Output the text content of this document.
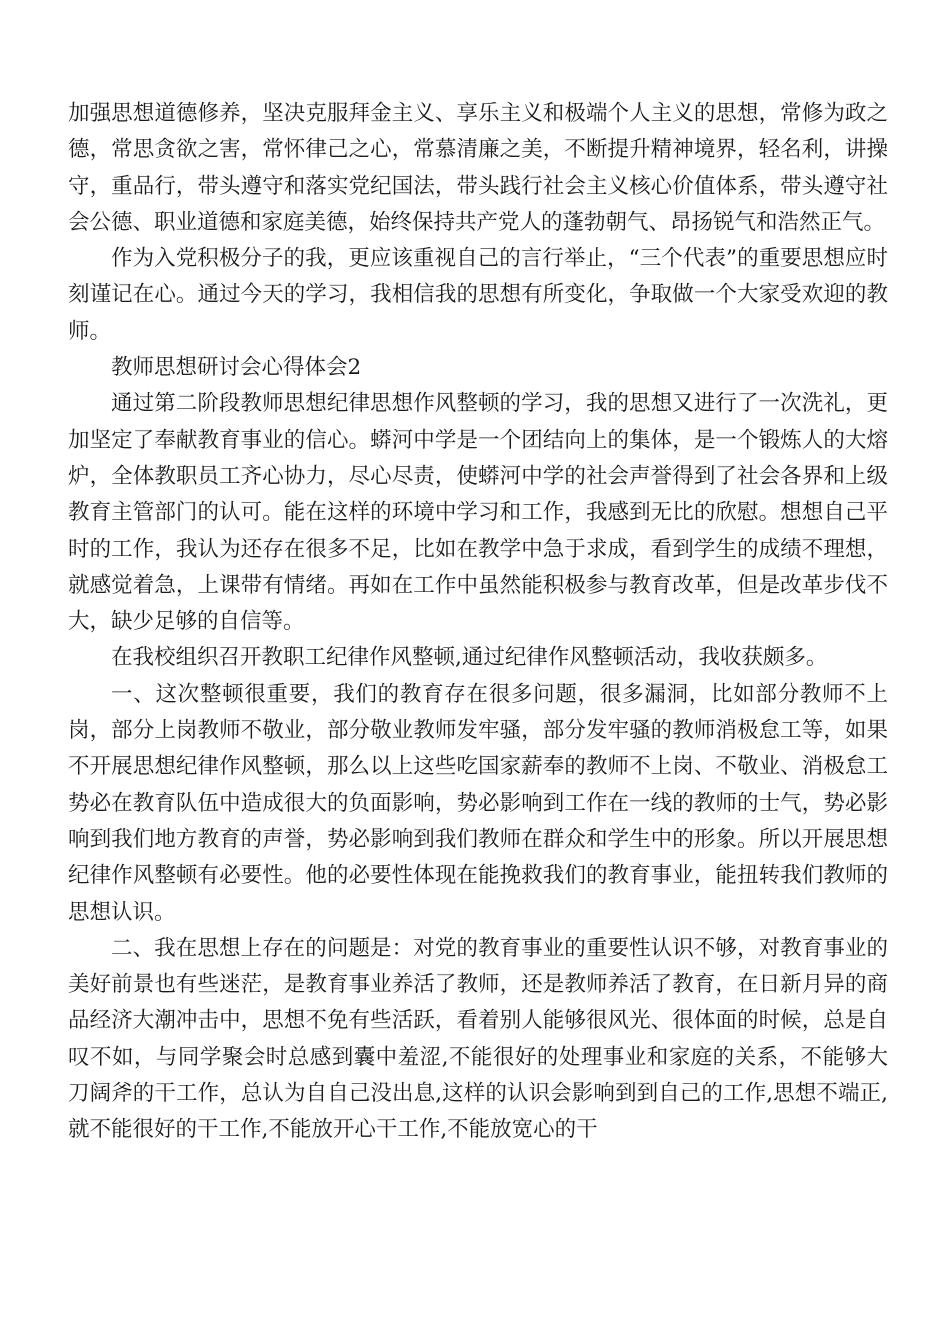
加强思想道德修养，坚决克服拜金主义、享乐主义和极端个人主义的思想，常修为政之德，常思贪欲之害，常怀律己之心，常慕清廉之美，不断提升精神境界，轻名利，讲操守，重品行，带头遵守和落实党纪国法，带头践行社会主义核心价值体系，带头遵守社会公德、职业道德和家庭美德，始终保持共产党人的蓬勃朝气、昂扬锐气和浩然正气。

作为入党积极分子的我，更应该重视自己的言行举止，“三个代表”的重要思想应时刻谨记在心。通过今天的学习，我相信我的思想有所变化，争取做一个大家受欢迎的教师。

教师思想研讨会心得体会2

通过第二阶段教师思想纪律思想作风整顿的学习，我的思想又进行了一次洗礼，更加坚定了奉献教育事业的信心。蟒河中学是一个团结向上的集体，是一个锻炼人的大熔炉，全体教职员工齐心协力，尽心尽责，使蟒河中学的社会声誉得到了社会各界和上级教育主管部门的认可。能在这样的环境中学习和工作，我感到无比的欣慰。想想自己平时的工作，我认为还存在很多不足，比如在教学中急于求成，看到学生的成绩不理想，就感觉着急，上课带有情绪。再如在工作中虽然能积极参与教育改革，但是改革步伐不大，缺少足够的自信等。

在我校组织召开教职工纪律作风整顿,通过纪律作风整顿活动，我收获颇多。

一、这次整顿很重要，我们的教育存在很多问题，很多漏洞，比如部分教师不上岗，部分上岗教师不敬业，部分敬业教师发牢骚，部分发牢骚的教师消极怠工等，如果不开展思想纪律作风整顿，那么以上这些吃国家薪奉的教师不上岗、不敬业、消极怠工势必在教育队伍中造成很大的负面影响，势必影响到工作在一线的教师的士气，势必影响到我们地方教育的声誉，势必影响到我们教师在群众和学生中的形象。所以开展思想纪律作风整顿有必要性。他的必要性体现在能挽救我们的教育事业，能扭转我们教师的思想认识。

二、我在思想上存在的问题是：对党的教育事业的重要性认识不够，对教育事业的美好前景也有些迷茫，是教育事业养活了教师，还是教师养活了教育，在日新月异的商品经济大潮冲击中，思想不免有些活跃，看着别人能够很风光、很体面的时候，总是自叹不如，与同学聚会时总感到囊中羞涩,不能很好的处理事业和家庭的关系，不能够大刀阔斧的干工作，总认为自自己没出息,这样的认识会影响到到自己的工作,思想不端正,就不能很好的干工作,不能放开心干工作,不能放宽心的干
